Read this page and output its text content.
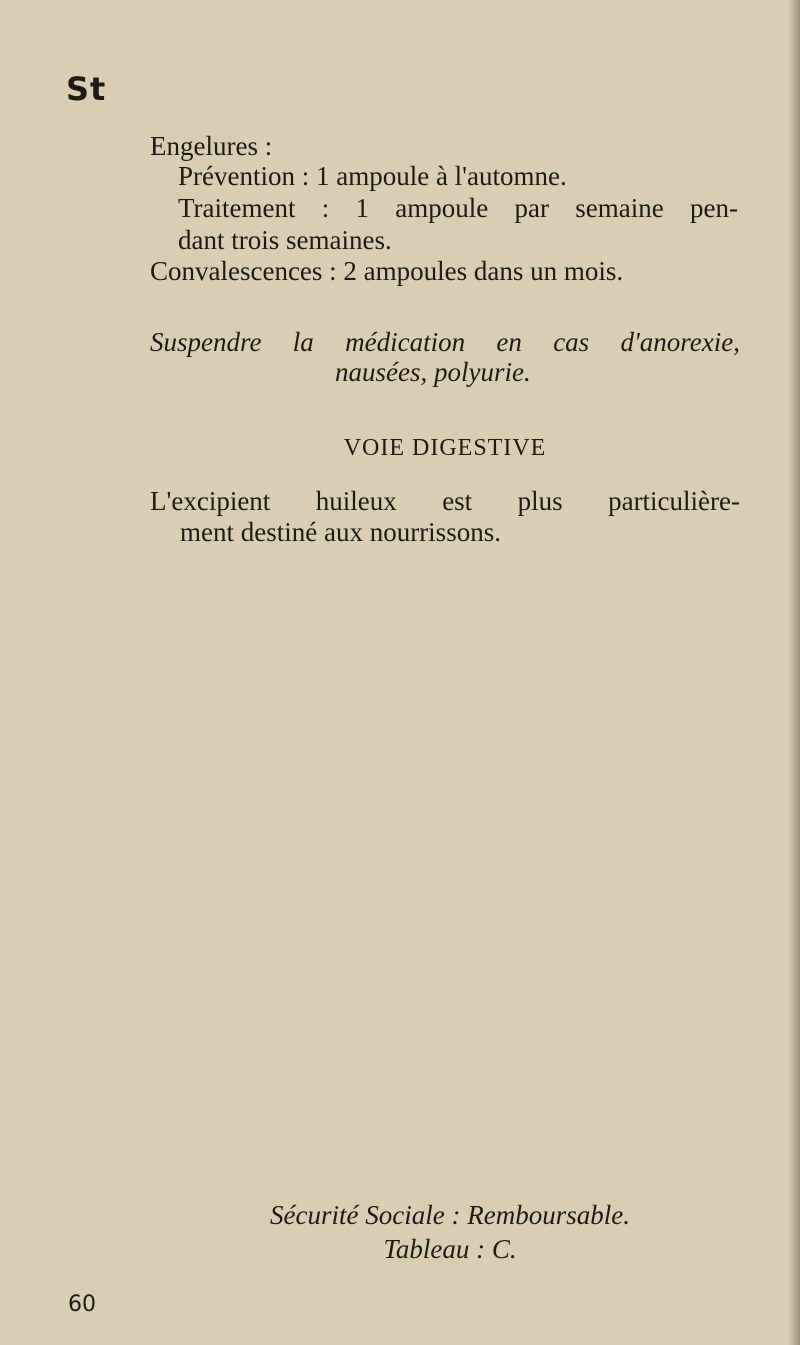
St
Engelures :
Prévention : 1 ampoule à l'automne.
Traitement : 1 ampoule par semaine pen-
dant trois semaines.
Convalescences : 2 ampoules dans un mois.
Suspendre la médication en cas d'anorexie,
nausées, polyurie.
VOIE DIGESTIVE
L'excipient huileux est plus particulière-
ment destiné aux nourrissons.
Sécurité Sociale : Remboursable.
Tableau : C.
60
